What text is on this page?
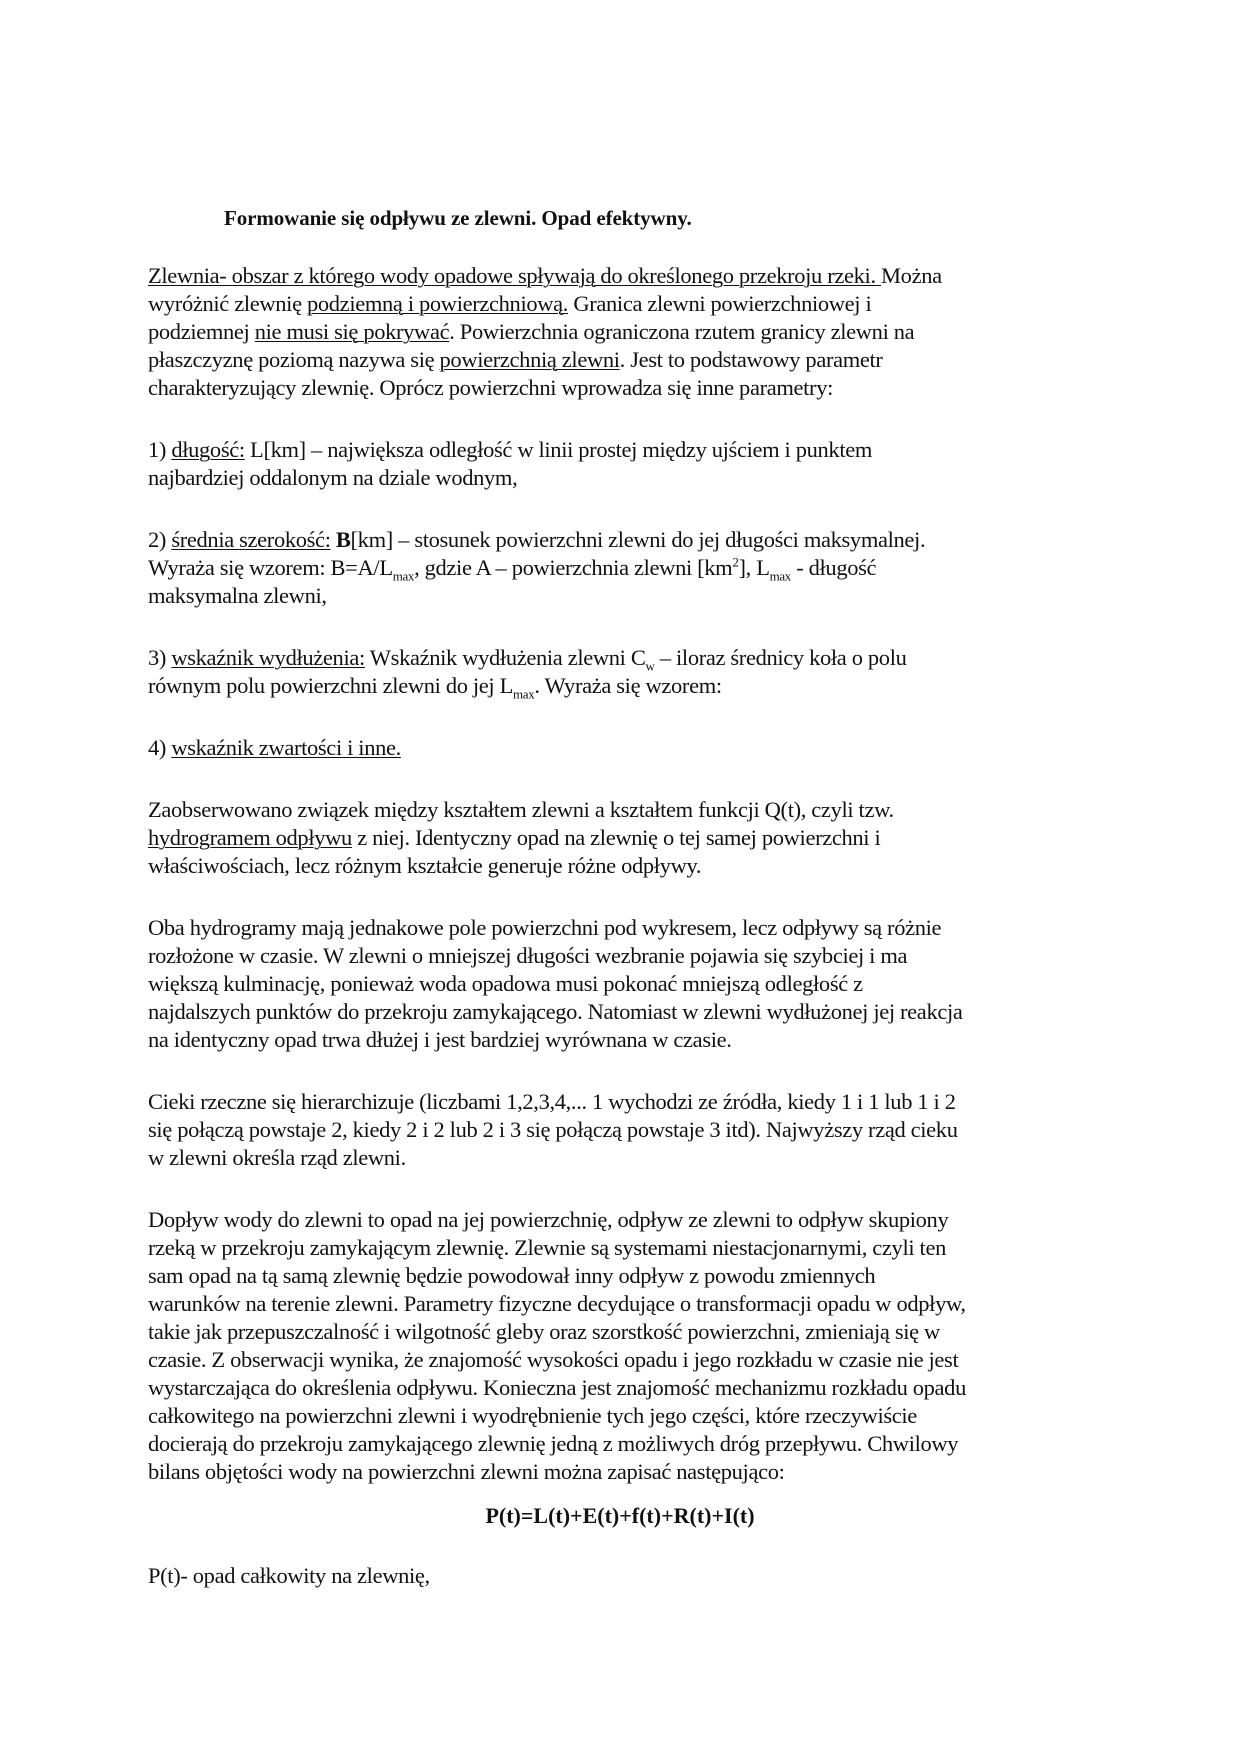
Formowanie się odpływu ze zlewni. Opad efektywny.
Zlewnia- obszar z którego wody opadowe spływają do określonego przekroju rzeki. Można
wyróżnić zlewnię podziemną i powierzchniową. Granica zlewni powierzchniowej i
podziemnej nie musi się pokrywać. Powierzchnia ograniczona rzutem granicy zlewni na
płaszczyznę poziomą nazywa się powierzchnią zlewni. Jest to podstawowy parametr
charakteryzujący zlewnię. Oprócz powierzchni wprowadza się inne parametry:
1) długość: L[km] – największa odległość w linii prostej między ujściem i punktem
najbardziej oddalonym na dziale wodnym,
2) średnia szerokość: B[km] – stosunek powierzchni zlewni do jej długości maksymalnej.
Wyraża się wzorem: $B=A/L_{max}$, gdzie A – powierzchnia zlewni $[km^2]$, $L_{max}$ - długość
maksymalna zlewni,
3) wskaźnik wydłużenia: Wskaźnik wydłużenia zlewni $C_w$ – iloraz średnicy koła o polu
równym polu powierzchni zlewni do jej $L_{max}$. Wyraża się wzorem:
4) wskaźnik zwartości i inne.
Zaobserwowano związek między kształtem zlewni a kształtem funkcji Q(t), czyli tzw.
hydrogramem odpływu z niej. Identyczny opad na zlewnię o tej samej powierzchni i
właściwościach, lecz różnym kształcie generuje różne odpływy.
Oba hydrogramy mają jednakowe pole powierzchni pod wykresem, lecz odpływy są różnie
rozłożone w czasie. W zlewni o mniejszej długości wezbranie pojawia się szybciej i ma
większą kulminację, ponieważ woda opadowa musi pokonać mniejszą odległość z
najdalszych punktów do przekroju zamykającego. Natomiast w zlewni wydłużonej jej reakcja
na identyczny opad trwa dłużej i jest bardziej wyrównana w czasie.
Cieki rzeczne się hierarchizuje (liczbami 1,2,3,4,... 1 wychodzi ze źródła, kiedy 1 i 1 lub 1 i 2
się połączą powstaje 2, kiedy 2 i 2 lub 2 i 3 się połączą powstaje 3 itd). Najwyższy rząd cieku
w zlewni określa rząd zlewni.
Dopływ wody do zlewni to opad na jej powierzchnię, odpływ ze zlewni to odpływ skupiony
rzeką w przekroju zamykającym zlewnię. Zlewnie są systemami niestacjonarnymi, czyli ten
sam opad na tą samą zlewnię będzie powodował inny odpływ z powodu zmiennych
warunków na terenie zlewni. Parametry fizyczne decydujące o transformacji opadu w odpływ,
takie jak przepuszczalność i wilgotność gleby oraz szorstkość powierzchni, zmieniają się w
czasie. Z obserwacji wynika, że znajomość wysokości opadu i jego rozkładu w czasie nie jest
wystarczająca do określenia odpływu. Konieczna jest znajomość mechanizmu rozkładu opadu
całkowitego na powierzchni zlewni i wyodrębnienie tych jego części, które rzeczywiście
docierają do przekroju zamykającego zlewnię jedną z możliwych dróg przepływu. Chwilowy
bilans objętości wody na powierzchni zlewni można zapisać następująco:
P(t)=L(t)+E(t)+f(t)+R(t)+I(t)
P(t)- opad całkowity na zlewnię,
